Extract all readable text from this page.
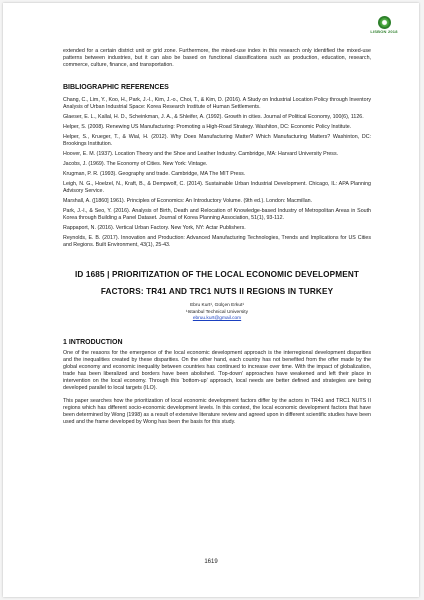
LISBON 2018

extended for a certain district unit or grid zone. Furthermore, the mixed-use index in this research only identified the mixed-use patterns between industries, but it can also be based on functional classifications such as production, education, research, commerce, culture, finance, and transportation.

BIBLIOGRAPHIC REFERENCES

Chang, C., Lim, Y., Koo, H., Park, J.-I., Kim, J.-o., Choi, T., & Kim, D. (2016). A Study on Industrial Location Policy through Inventory Analysis of Urban Industrial Space: Korea Research Institute of Human Settlements.

Glaeser, E. L., Kallal, H. D., Scheinkman, J. A., & Shleifer, A. (1992). Growth in cities. Journal of Political Economy, 100(6), 1126.

Helper, S. (2008). Renewing US Manufacturing: Promoting a High-Road Strategy. Washiton, DC: Economic Policy Institute.

Helper, S., Krueger, T., & Wial, H. (2012). Why Does Manufacturing Matter? Which Manufacturing Matters? Washinton, DC: Brookings Institution.

Hoover, E. M. (1937). Location Theory and the Shoe and Leather Industry. Cambridge, MA: Harvard University Press.

Jacobs, J. (1969). The Economy of Cities. New York: Vintage.

Krugman, P. R. (1993). Geography and trade. Cambridge, MA The MIT Press.

Leigh, N. G., Hoelzel, N., Kraft, B., & Dempwolf, C. (2014). Sustainable Urban Industrial Development. Chicago, IL: APA Planning Advisory Service.

Marshall, A. ([1860] 1961). Principles of Economics: An Introductory Volume. (9th ed.). London: Macmillan.

Park, J.-I., & Seo, Y. (2016). Analysis of Birth, Death and Relocation of Knowledge-based Industry of Metropolitan Areas in South Korea through Building a Panel Dataset. Journal of Korea Planning Association, 51(1), 93-112.

Rappaport, N. (2016). Vertical Urban Factory. New York, NY: Actar Publishers.

Reynolds, E. B. (2017). Innovation and Production: Advanced Manufacturing Technologies, Trends and Implications for US Cities and Regions. Built Environment, 43(1), 25-43.

ID 1685 | PRIORITIZATION OF THE LOCAL ECONOMIC DEVELOPMENT
FACTORS: TR41 AND TRC1 NUTS II REGIONS IN TURKEY
Ebru Kurt¹, Gülçen Erkut¹
¹Istanbul Technical University
ebruu.kurt@gmail.com
1 INTRODUCTION

One of the reasons for the emergence of the local economic development approach is the interregional development disparities and the inequalities created by these disparities. On the other hand, each country has not benefited from the offer made by the global economy and economic inequality between countries has continued to increase over time. With the impact of globalization, trade has been liberalized and borders have been abolished. ‘Top-down’ approaches have weakened and left their place in intervention on the local economy. Through this ‘bottom-up’ approach, local needs are better defined and strategies are being developed parallel to local targets (ILO).

This paper searches how the prioritization of local economic development factors differ by the actors in TR41 and TRC1 NUTS II regions which has different socio-economic development levels. In this context, the local economic development factors that have been determined by Wong (1998) as a result of extensive literature review and agreed upon in different scientific studies have been used and the frame developed by Wong has been the basis for this study.

1619
